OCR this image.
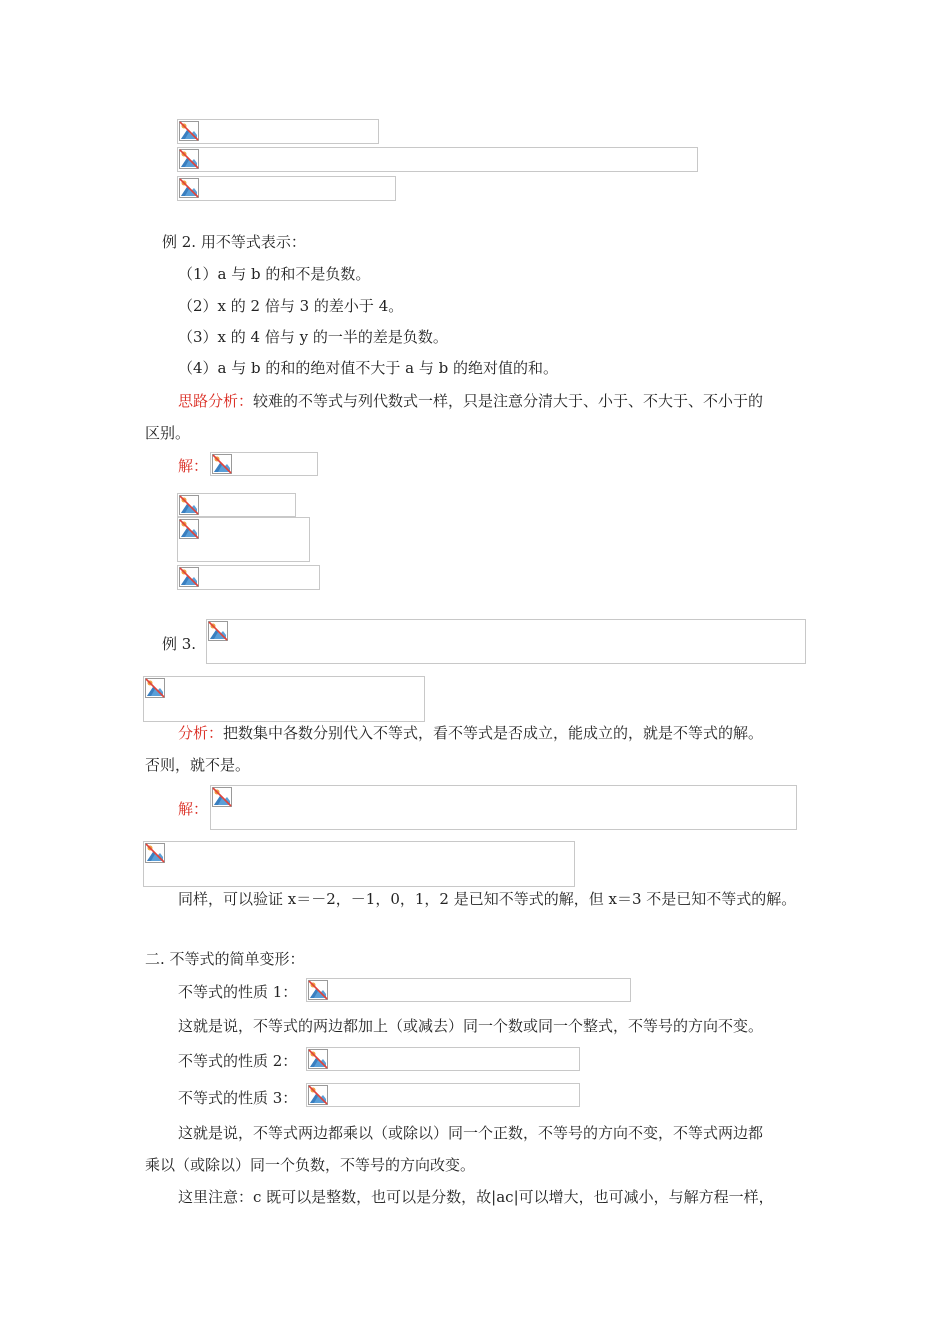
例 2. 用不等式表示：
（1）a 与 b 的和不是负数。
（2）x 的 2 倍与 3 的差小于 4。
（3）x 的 4 倍与 y 的一半的差是负数。
（4）a 与 b 的和的绝对值不大于 a 与 b 的绝对值的和。
思路分析：较难的不等式与列代数式一样，只是注意分清大于、小于、不大于、不小于的
区别。
解：
例 3.
分析：把数集中各数分别代入不等式，看不等式是否成立，能成立的，就是不等式的解。
否则，就不是。
解：
同样，可以验证 x＝－2，－1，0，1，2 是已知不等式的解，但 x＝3 不是已知不等式的解。
二. 不等式的简单变形：
不等式的性质 1：
这就是说，不等式的两边都加上（或减去）同一个数或同一个整式，不等号的方向不变。
不等式的性质 2：
不等式的性质 3：
这就是说，不等式两边都乘以（或除以）同一个正数，不等号的方向不变，不等式两边都
乘以（或除以）同一个负数，不等号的方向改变。
这里注意：c 既可以是整数，也可以是分数，故|ac|可以增大，也可减小，与解方程一样，
